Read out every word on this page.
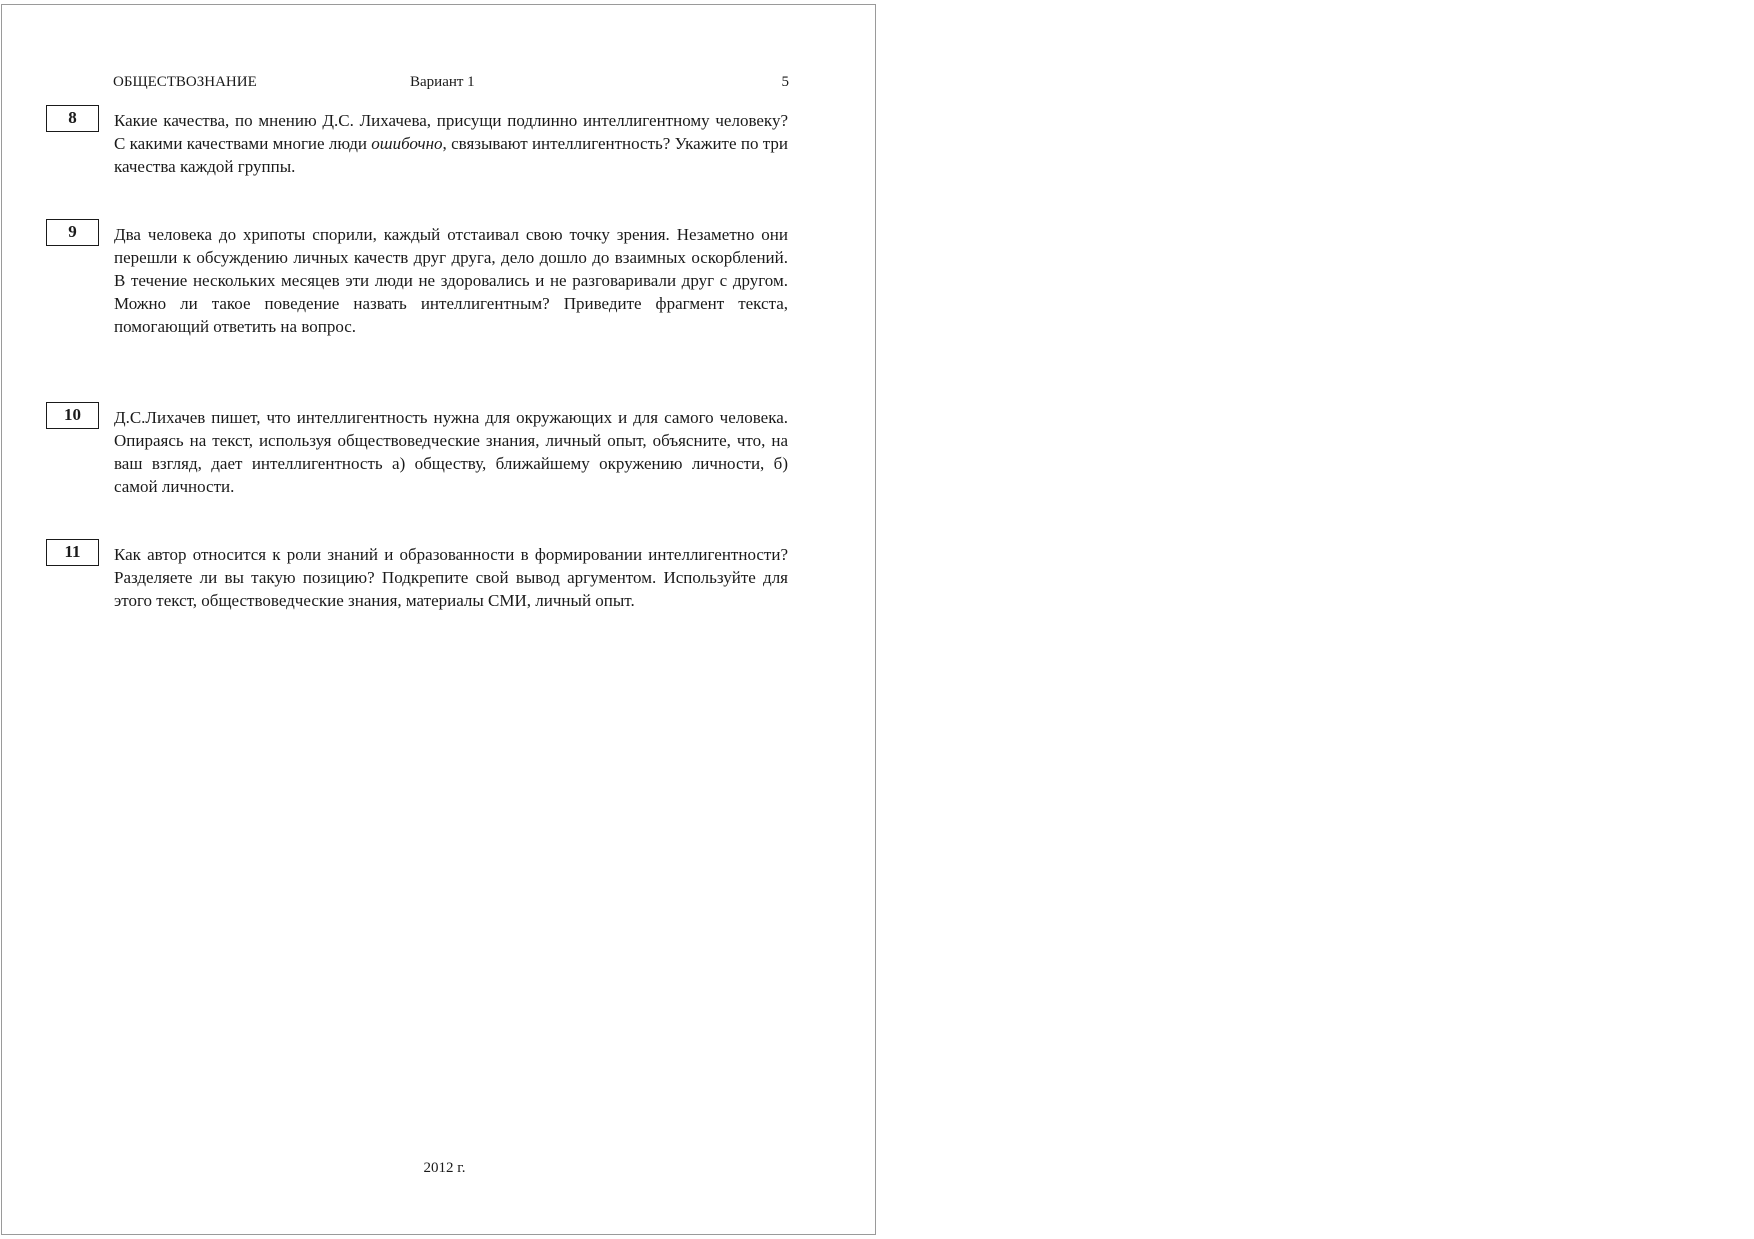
ОБЩЕСТВОЗНАНИЕ	Вариант 1	5
8	Какие качества, по мнению Д.С. Лихачева, присущи подлинно интеллигентному человеку? С какими качествами многие люди ошибочно, связывают интеллигентность? Укажите по три качества каждой группы.

9	Два человека до хрипоты спорили, каждый отстаивал свою точку зрения. Незаметно они перешли к обсуждению личных качеств друг друга, дело дошло до взаимных оскорблений. В течение нескольких месяцев эти люди не здоровались и не разговаривали друг с другом. Можно ли такое поведение назвать интеллигентным? Приведите фрагмент текста, помогающий ответить на вопрос.

10	Д.С.Лихачев пишет, что интеллигентность нужна для окружающих и для самого человека. Опираясь на текст, используя обществоведческие знания, личный опыт, объясните, что, на ваш взгляд, дает интеллигентность а) обществу, ближайшему окружению личности, б) самой личности.

11	Как автор относится к роли знаний и образованности в формировании интеллигентности? Разделяете ли вы такую позицию? Подкрепите свой вывод аргументом. Используйте для этого текст, обществоведческие знания, материалы СМИ, личный опыт.

2012 г.
